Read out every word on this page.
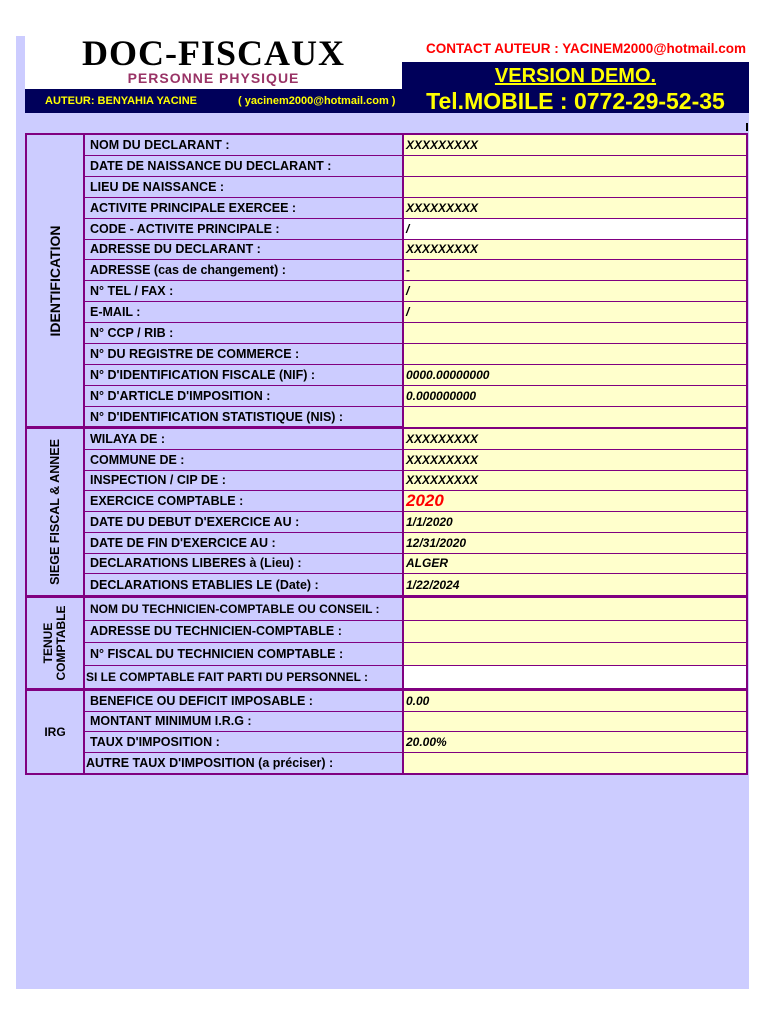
DOC-FISCAUX
PERSONNE PHYSIQUE
AUTEUR: BENYAHIA YACINE	( yacinem2000@hotmail.com )
CONTACT AUTEUR : YACINEM2000@hotmail.com
VERSION DEMO.
Tel.MOBILE : 0772-29-52-35
IDENTIFICATION
NOM DU DECLARANT :	XXXXXXXXX
DATE DE NAISSANCE DU DECLARANT :
LIEU DE NAISSANCE :
ACTIVITE PRINCIPALE EXERCEE :	XXXXXXXXX
CODE - ACTIVITE PRINCIPALE :	/
ADRESSE DU DECLARANT :	XXXXXXXXX
ADRESSE (cas de changement) :	-
N° TEL / FAX :	/
E-MAIL :	/
N° CCP / RIB :
N° DU REGISTRE DE COMMERCE :
N° D'IDENTIFICATION FISCALE (NIF) :	0000.00000000
N° D'ARTICLE D'IMPOSITION :	0.000000000
N° D'IDENTIFICATION STATISTIQUE (NIS) :
SIEGE FISCAL & ANNEE
WILAYA DE :	XXXXXXXXX
COMMUNE DE :	XXXXXXXXX
INSPECTION / CIP DE :	XXXXXXXXX
EXERCICE COMPTABLE :	2020
DATE DU DEBUT D'EXERCICE AU :	1/1/2020
DATE DE FIN D'EXERCICE AU :	12/31/2020
DECLARATIONS LIBERES à (Lieu) :	ALGER
DECLARATIONS ETABLIES LE (Date) :	1/22/2024
TENUE COMPTABLE	NOM DU TECHNICIEN-COMPTABLE OU CONSEIL :
ADRESSE DU TECHNICIEN-COMPTABLE :
N° FISCAL DU TECHNICIEN COMPTABLE :
SI LE COMPTABLE FAIT PARTI DU PERSONNEL :
IRG
BENEFICE OU DEFICIT IMPOSABLE :	0.00
MONTANT MINIMUM I.R.G :
TAUX D'IMPOSITION :	20.00%
AUTRE TAUX D'IMPOSITION (a préciser) :
